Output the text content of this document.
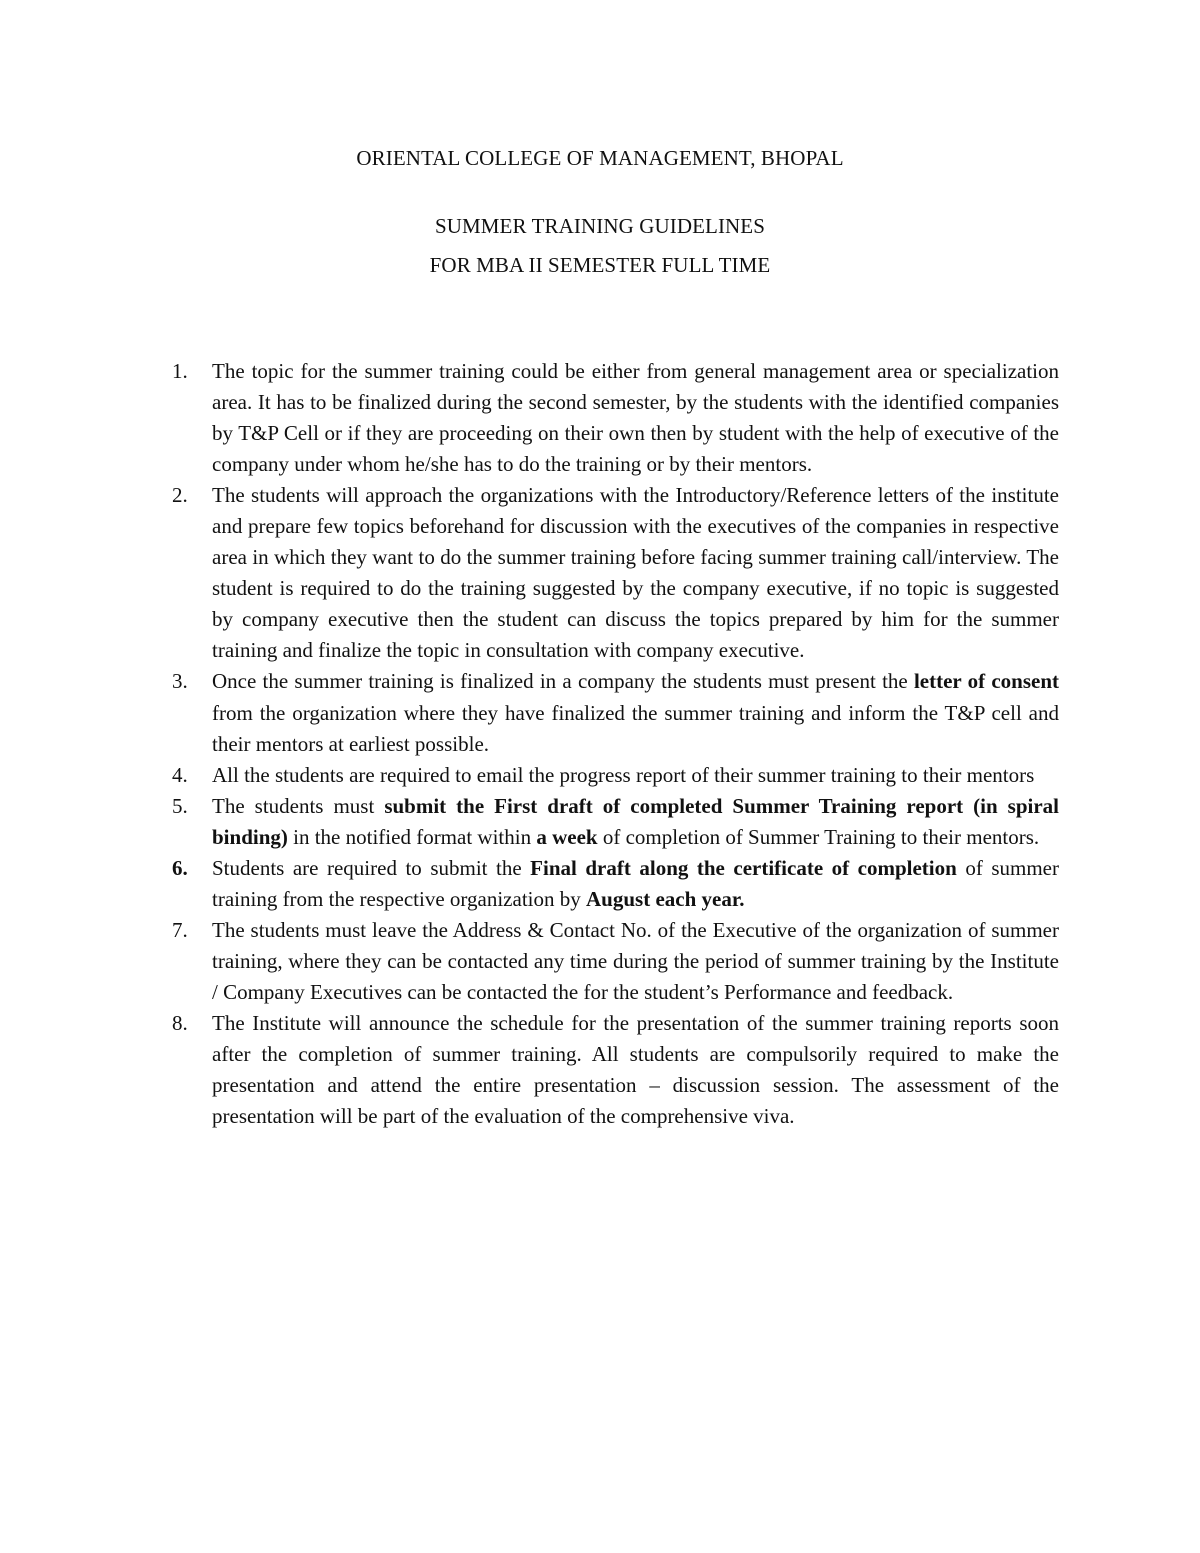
ORIENTAL COLLEGE OF MANAGEMENT, BHOPAL
SUMMER TRAINING GUIDELINES
FOR MBA II SEMESTER FULL TIME
1.	The topic for the summer training could be either from general management area or specialization area. It has to be finalized during the second semester, by the students with the identified companies by T&P Cell or if they are proceeding on their own then by student with the help of executive of the company under whom he/she has to do the training or by their mentors.
2.	The students will approach the organizations with the Introductory/Reference letters of the institute and prepare few topics beforehand for discussion with the executives of the companies in respective area in which they want to do the summer training before facing summer training call/interview. The student is required to do the training suggested by the company executive, if no topic is suggested by company executive then the student can discuss the topics prepared by him for the summer training and finalize the topic in consultation with company executive.
3.	Once the summer training is finalized in a company the students must present the letter of consent from the organization where they have finalized the summer training and inform the T&P cell and their mentors at earliest possible.
4.	All the students are required to email the progress report of their summer training to their mentors
5.	The students must submit the First draft of completed Summer Training report (in spiral binding) in the notified format within a week of completion of Summer Training to their mentors.
6.	Students are required to submit the Final draft along the certificate of completion of summer training from the respective organization by August each year.
7.	The students must leave the Address & Contact No. of the Executive of the organization of summer training, where they can be contacted any time during the period of summer training by the Institute / Company Executives can be contacted the for the student’s Performance and feedback.
8.	The Institute will announce the schedule for the presentation of the summer training reports soon after the completion of summer training. All students are compulsorily required to make the presentation and attend the entire presentation – discussion session. The assessment of the presentation will be part of the evaluation of the comprehensive viva.
